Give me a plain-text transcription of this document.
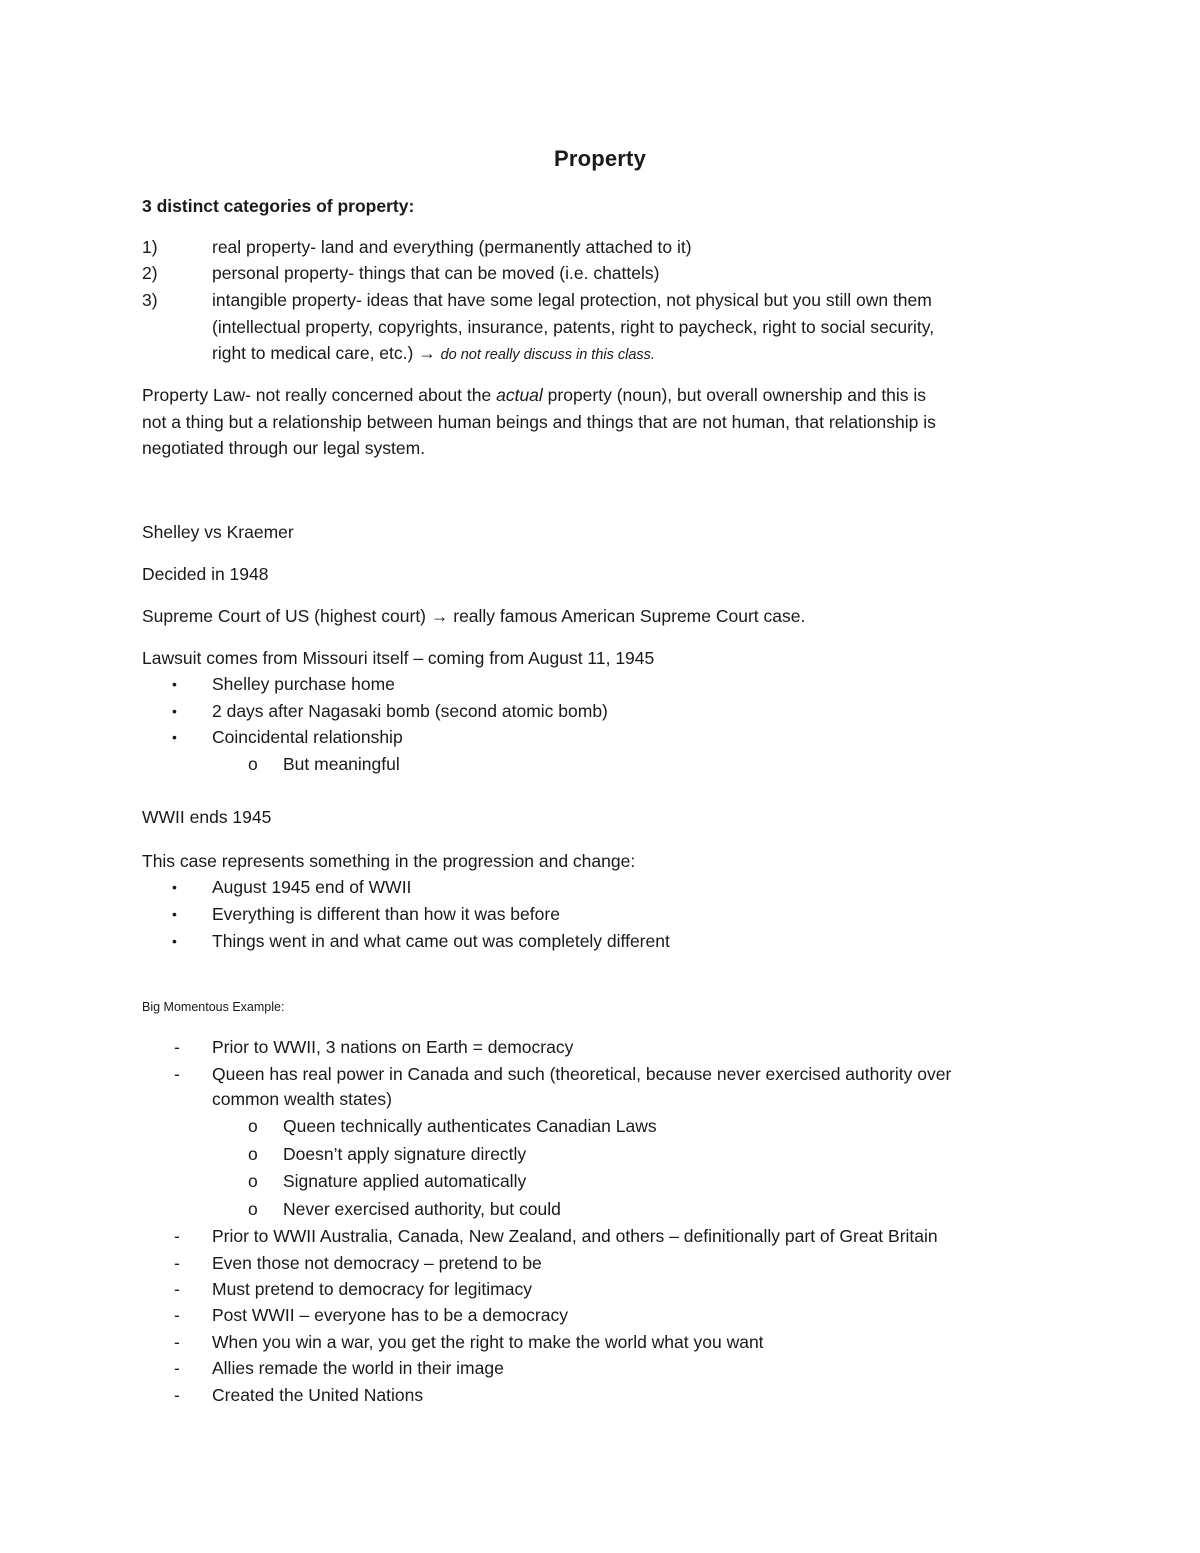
Property
3 distinct categories of property:
1)	real property- land and everything (permanently attached to it)
2)	personal property- things that can be moved (i.e. chattels)
3)	intangible property- ideas that have some legal protection, not physical but you still own them
(intellectual property, copyrights, insurance, patents, right to paycheck, right to social security,
right to medical care, etc.) → do not really discuss in this class.
Property Law- not really concerned about the actual property (noun), but overall ownership and this is
not a thing but a relationship between human beings and things that are not human, that relationship is
negotiated through our legal system.
Shelley vs Kraemer
Decided in 1948
Supreme Court of US (highest court) → really famous American Supreme Court case.
Lawsuit comes from Missouri itself – coming from August 11, 1945
• Shelley purchase home
• 2 days after Nagasaki bomb (second atomic bomb)
• Coincidental relationship
o But meaningful
WWII ends 1945
This case represents something in the progression and change:
• August 1945 end of WWII
• Everything is different than how it was before
• Things went in and what came out was completely different
Big Momentous Example:
- Prior to WWII, 3 nations on Earth = democracy
- Queen has real power in Canada and such (theoretical, because never exercised authority over
common wealth states)
o Queen technically authenticates Canadian Laws
o Doesn’t apply signature directly
o Signature applied automatically
o Never exercised authority, but could
- Prior to WWII Australia, Canada, New Zealand, and others – definitionally part of Great Britain
- Even those not democracy – pretend to be
- Must pretend to democracy for legitimacy
- Post WWII – everyone has to be a democracy
- When you win a war, you get the right to make the world what you want
- Allies remade the world in their image
- Created the United Nations
